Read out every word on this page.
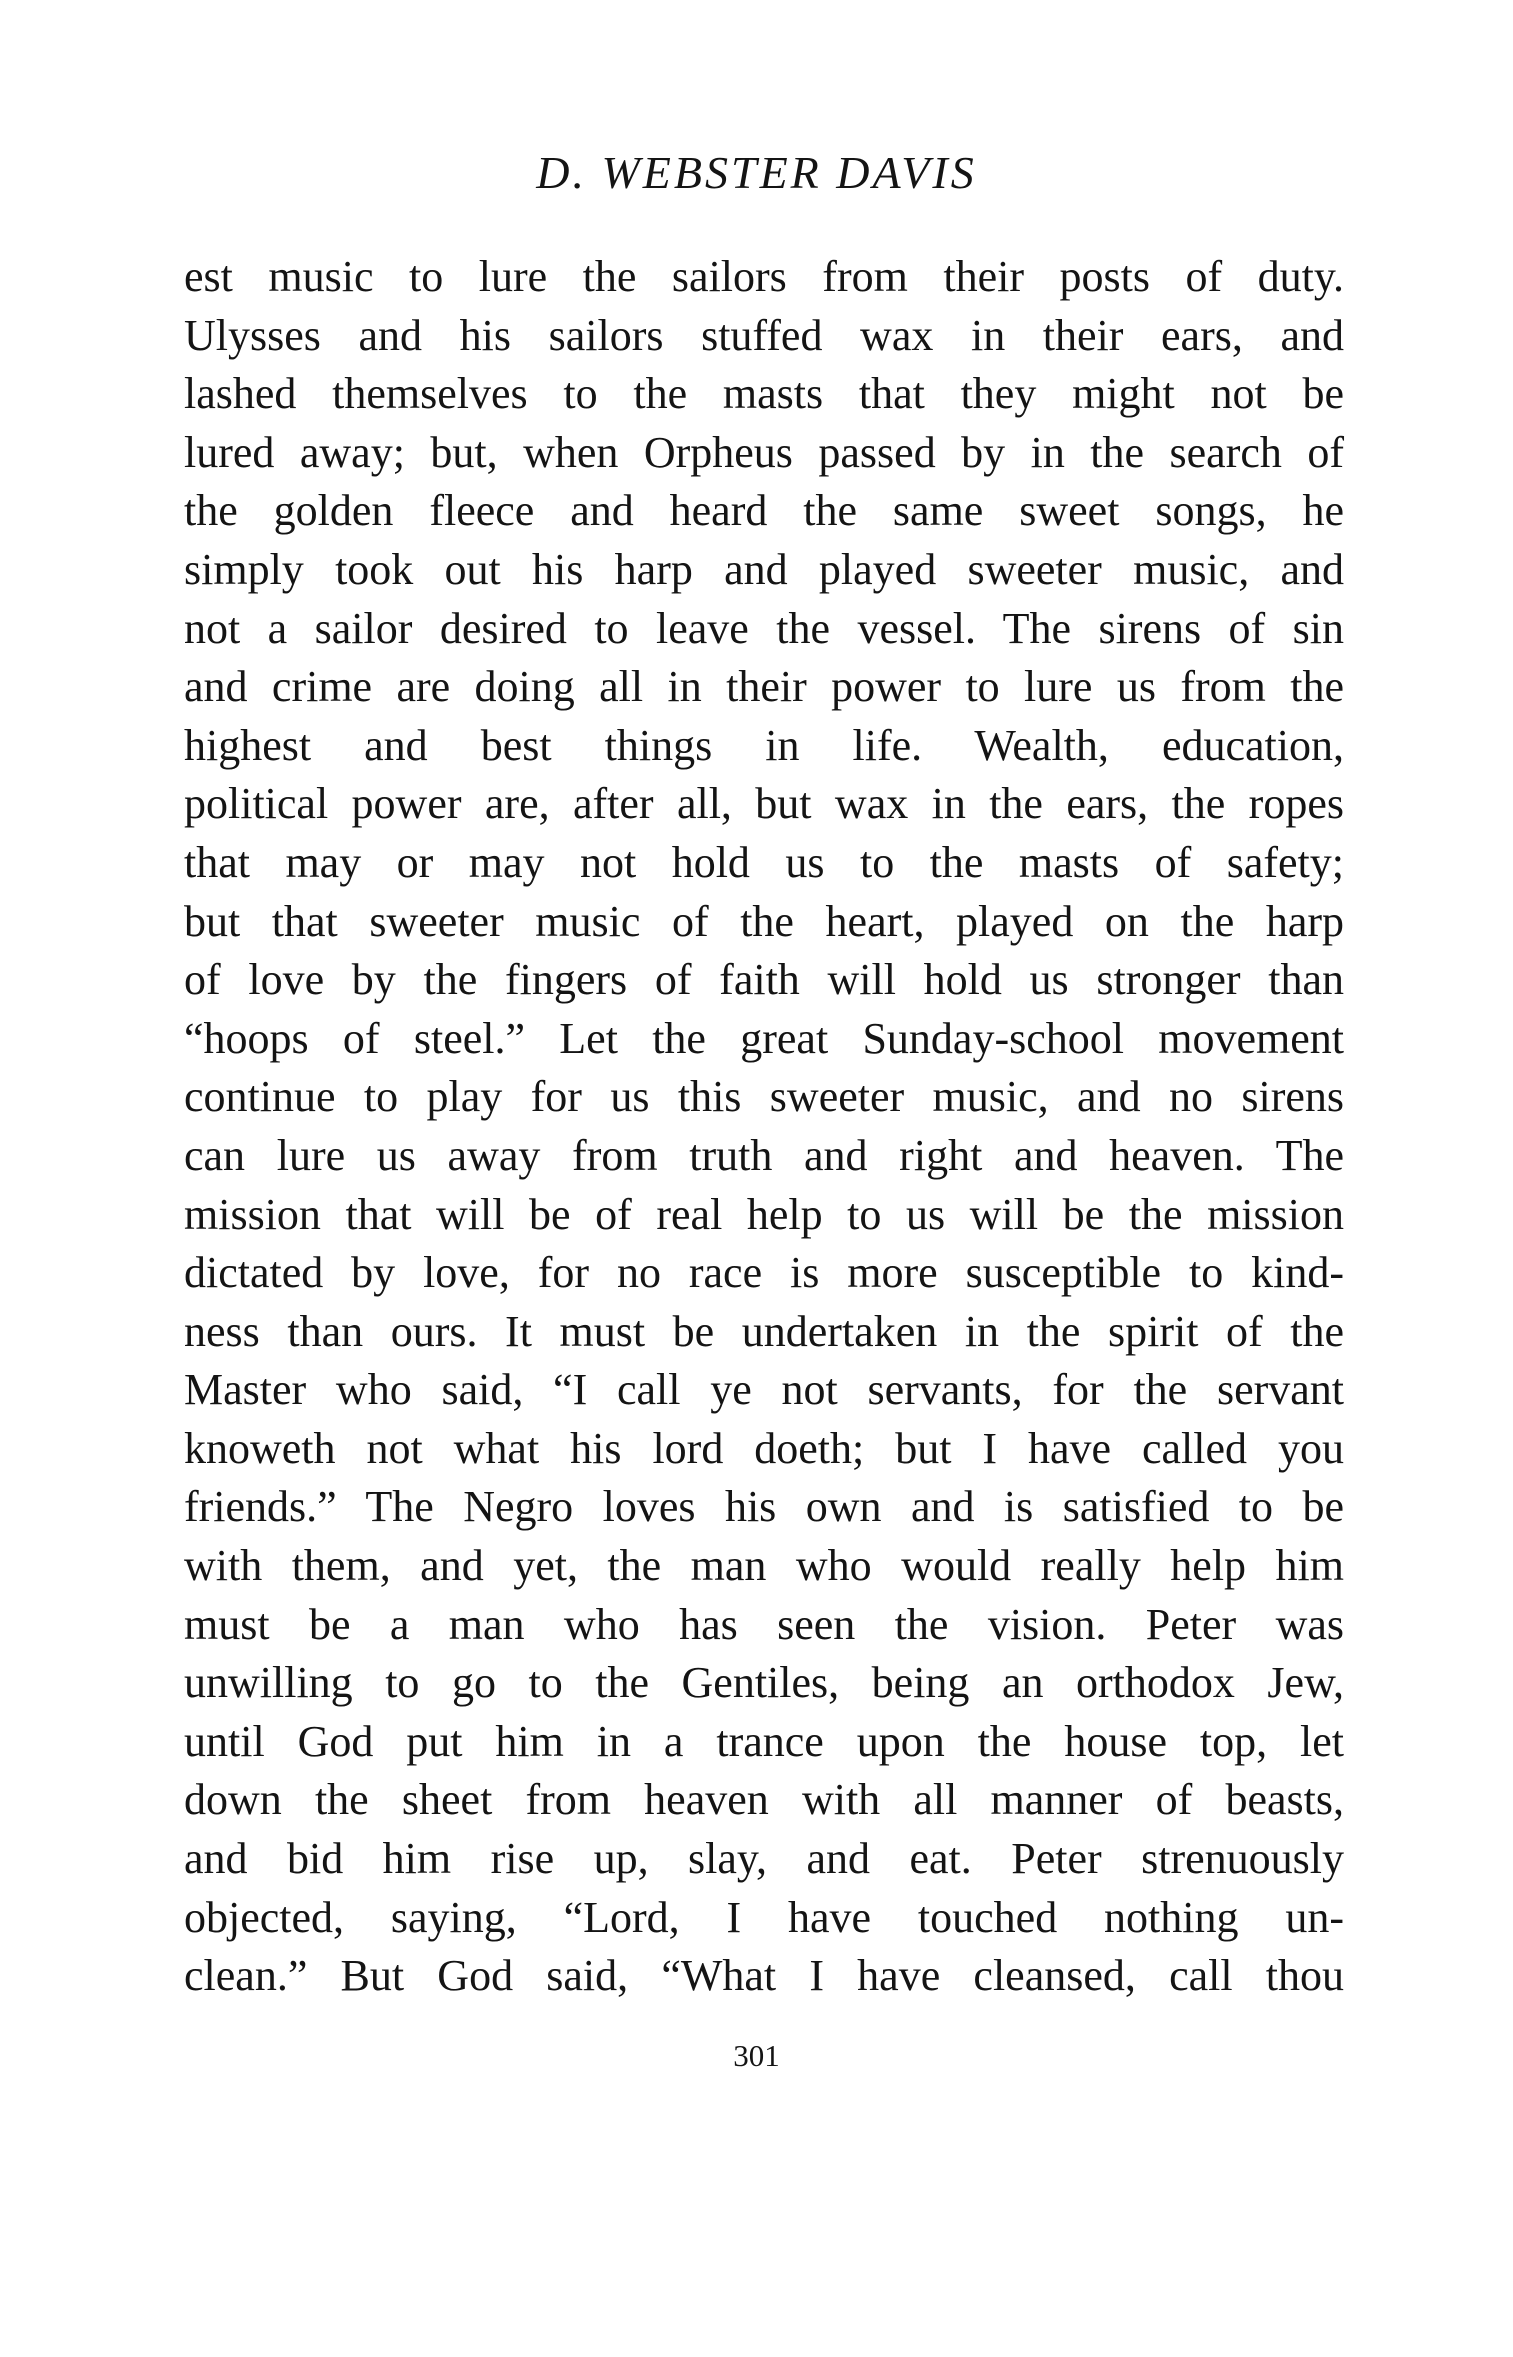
D. WEBSTER DAVIS
est music to lure the sailors from their posts of duty.
Ulysses and his sailors stuffed wax in their ears, and
lashed themselves to the masts that they might not be
lured away; but, when Orpheus passed by in the search of
the golden fleece and heard the same sweet songs, he
simply took out his harp and played sweeter music, and
not a sailor desired to leave the vessel. The sirens of sin
and crime are doing all in their power to lure us from the
highest and best things in life. Wealth, education,
political power are, after all, but wax in the ears, the ropes
that may or may not hold us to the masts of safety;
but that sweeter music of the heart, played on the harp
of love by the fingers of faith will hold us stronger than
“hoops of steel.” Let the great Sunday-school movement
continue to play for us this sweeter music, and no sirens
can lure us away from truth and right and heaven. The
mission that will be of real help to us will be the mission
dictated by love, for no race is more susceptible to kind-
ness than ours. It must be undertaken in the spirit of the
Master who said, “I call ye not servants, for the servant
knoweth not what his lord doeth; but I have called you
friends.” The Negro loves his own and is satisfied to be
with them, and yet, the man who would really help him
must be a man who has seen the vision. Peter was
unwilling to go to the Gentiles, being an orthodox Jew,
until God put him in a trance upon the house top, let
down the sheet from heaven with all manner of beasts,
and bid him rise up, slay, and eat. Peter strenuously
objected, saying, “Lord, I have touched nothing un-
clean.” But God said, “What I have cleansed, call thou
301
